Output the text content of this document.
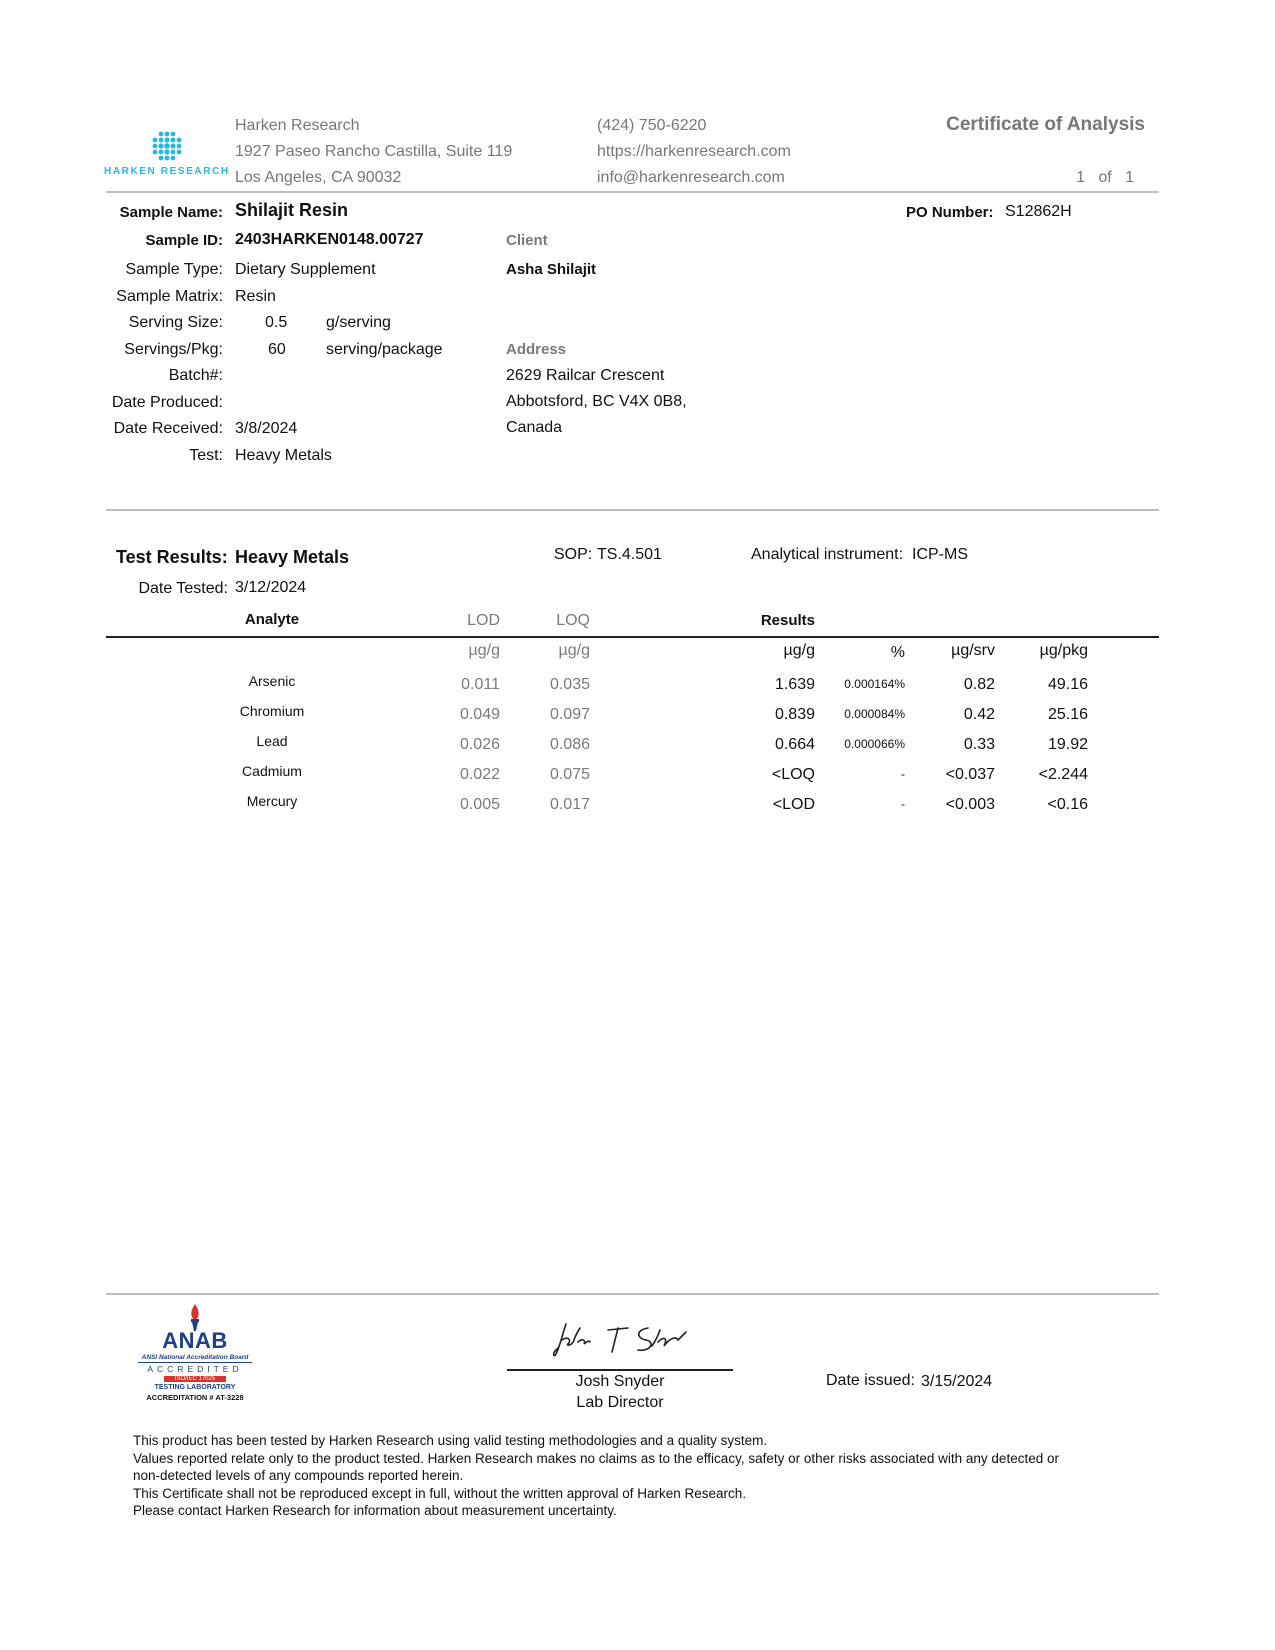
HARKEN RESEARCH
Harken Research
1927 Paseo Rancho Castilla, Suite 119
Los Angeles, CA 90032
(424) 750-6220
https://harkenresearch.com
info@harkenresearch.com
Certificate of Analysis
1 of 1
Sample Name: Shilajit Resin
Sample ID: 2403HARKEN0148.00727
Sample Type: Dietary Supplement
Sample Matrix: Resin
Serving Size:	0.5 g/serving
Servings/Pkg:	60	serving/package
Batch#:
Date Produced:
Date Received: 3/8/2024
Test: Heavy Metals
PO Number: S12862H
Client
Asha Shilajit
Address
2629 Railcar Crescent
Abbotsford, BC V4X 0B8,
Canada
Test Results: Heavy Metals	SOP: TS.4.501	Analytical instrument: ICP-MS
Date Tested: 3/12/2024
Analyte	LOD	LOQ	Results
µg/g	µg/g	µg/g	%	µg/srv	µg/pkg
Arsenic	0.011	0.035	1.639	0.000164%	0.82	49.16
Chromium	0.049	0.097	0.839	0.000084%	0.42	25.16
Lead	0.026	0.086	0.664	0.000066%	0.33	19.92
Cadmium	0.022	0.075	<LOQ	-	<0.037	<2.244
Mercury	0.005	0.017	<LOD	-	<0.003	<0.16
ANAB
ANSI National Accreditation Board
ACCREDITED
ISO/IEC 17025
TESTING LABORATORY
ACCREDITATION # AT-3228
Josh Snyder
Lab Director
Date issued: 3/15/2024
This product has been tested by Harken Research using valid testing methodologies and a quality system.
Values reported relate only to the product tested. Harken Research makes no claims as to the efficacy, safety or other risks associated with any detected or
non-detected levels of any compounds reported herein.
This Certificate shall not be reproduced except in full, without the written approval of Harken Research.
Please contact Harken Research for information about measurement uncertainty.
